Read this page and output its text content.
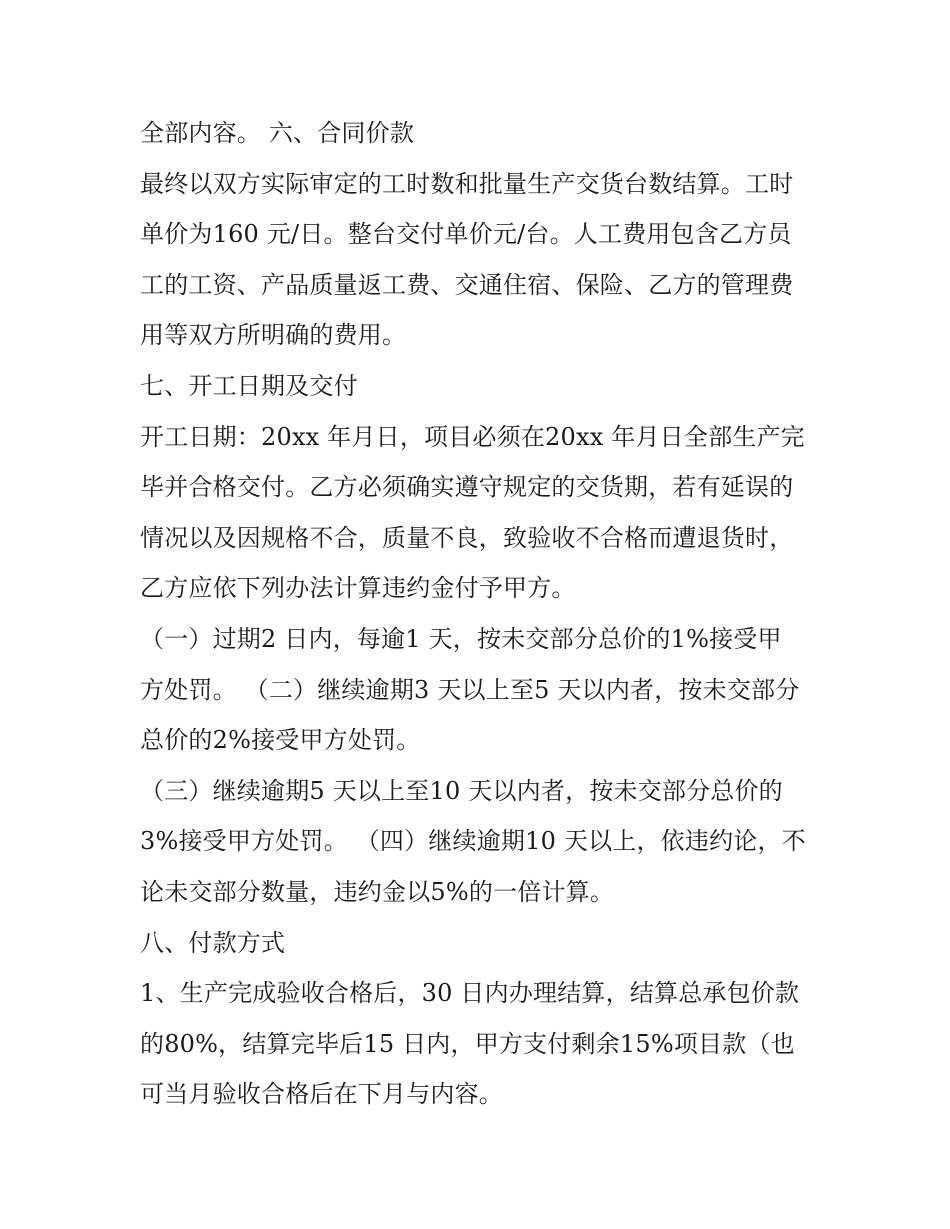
全部内容。 六、合同价款
最终以双方实际审定的工时数和批量生产交货台数结算。工时
单价为160 元/日。整台交付单价元/台。人工费用包含乙方员
工的工资、产品质量返工费、交通住宿、保险、乙方的管理费
用等双方所明确的费用。
七、开工日期及交付
开工日期：20xx 年月日，项目必须在20xx 年月日全部生产完
毕并合格交付。乙方必须确实遵守规定的交货期，若有延误的
情况以及因规格不合，质量不良，致验收不合格而遭退货时，
乙方应依下列办法计算违约金付予甲方。
（一）过期2 日内，每逾1 天，按未交部分总价的1%接受甲
方处罚。 （二）继续逾期3 天以上至5 天以内者，按未交部分
总价的2%接受甲方处罚。
（三）继续逾期5 天以上至10 天以内者，按未交部分总价的
3%接受甲方处罚。 （四）继续逾期10 天以上，依违约论，不
论未交部分数量，违约金以5%的一倍计算。
八、付款方式
1、生产完成验收合格后，30 日内办理结算，结算总承包价款
的80%，结算完毕后15 日内，甲方支付剩余15%项目款（也
可当月验收合格后在下月与内容。
